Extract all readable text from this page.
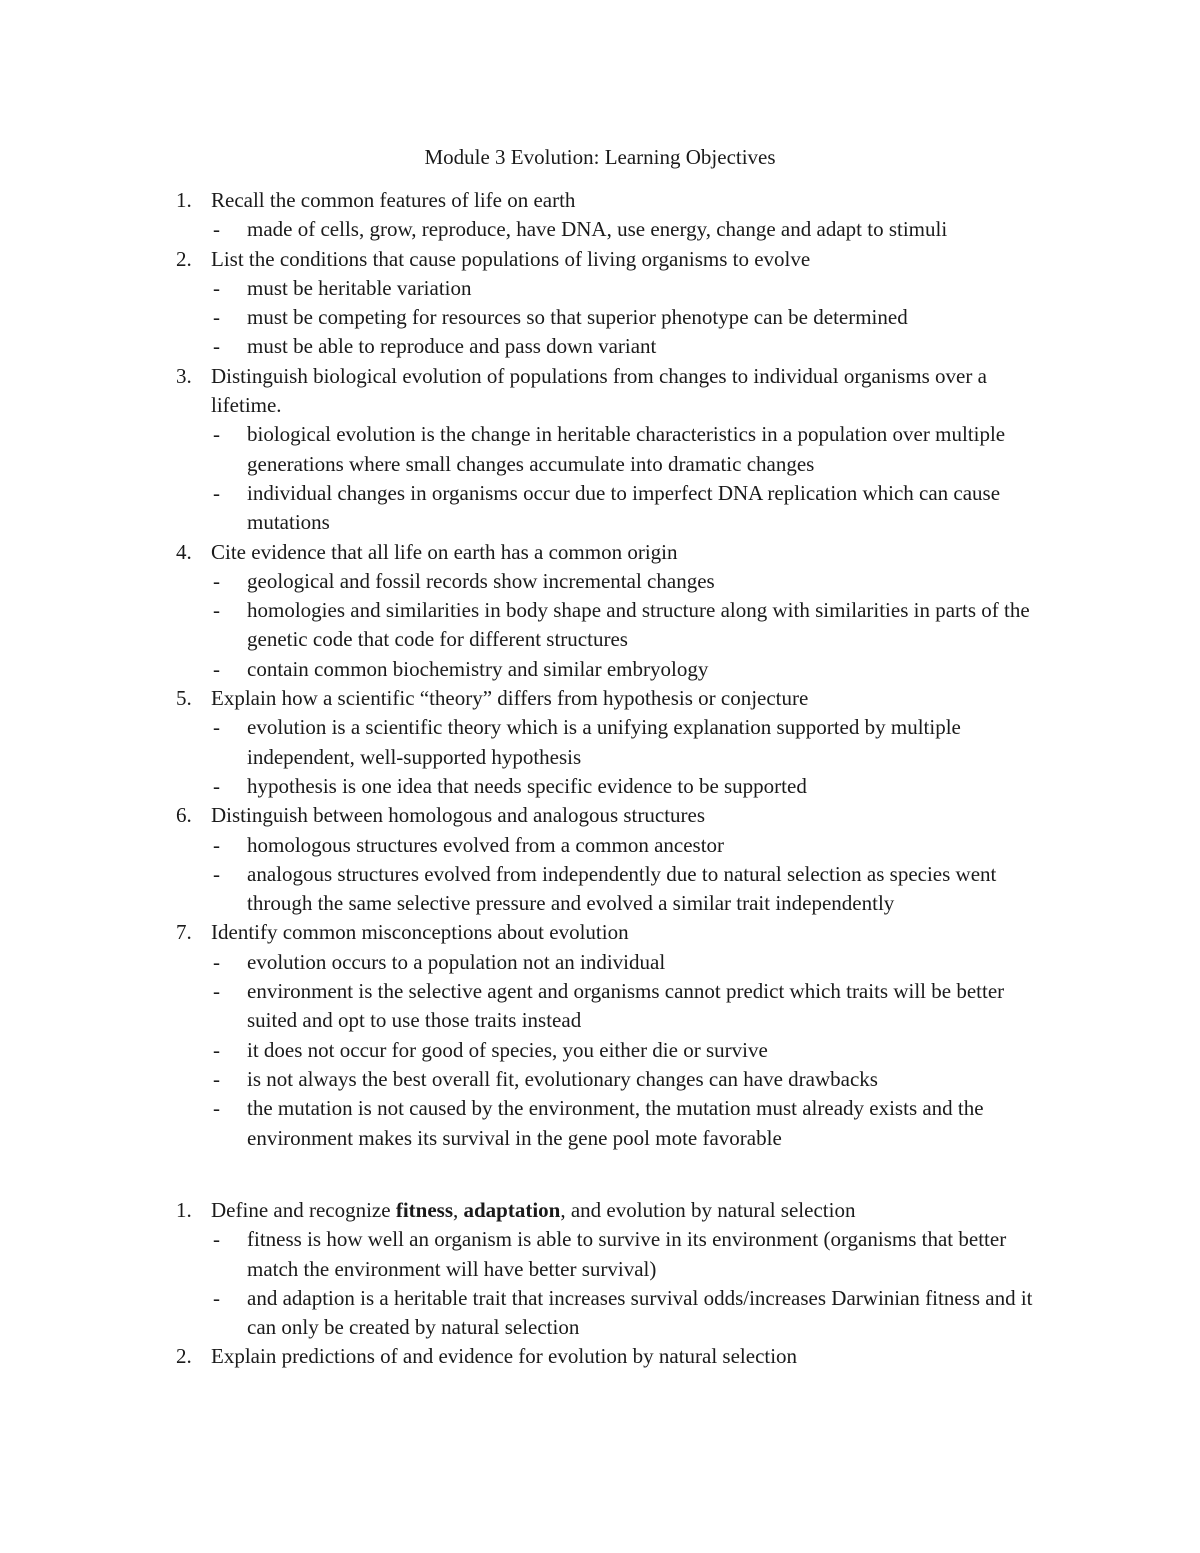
Module 3 Evolution: Learning Objectives
1. Recall the common features of life on earth
-	made of cells, grow, reproduce, have DNA, use energy, change and adapt to stimuli
2. List the conditions that cause populations of living organisms to evolve
-	must be heritable variation
-	must be competing for resources so that superior phenotype can be determined
-	must be able to reproduce and pass down variant
3. Distinguish biological evolution of populations from changes to individual organisms over a lifetime.
-	biological evolution is the change in heritable characteristics in a population over multiple generations where small changes accumulate into dramatic changes
-	individual changes in organisms occur due to imperfect DNA replication which can cause mutations
4. Cite evidence that all life on earth has a common origin
-	geological and fossil records show incremental changes
-	homologies and similarities in body shape and structure along with similarities in parts of the genetic code that code for different structures
-	contain common biochemistry and similar embryology
5. Explain how a scientific “theory” differs from hypothesis or conjecture
-	evolution is a scientific theory which is a unifying explanation supported by multiple independent, well-supported hypothesis
-	hypothesis is one idea that needs specific evidence to be supported
6. Distinguish between homologous and analogous structures
-	homologous structures evolved from a common ancestor
-	analogous structures evolved from independently due to natural selection as species went through the same selective pressure and evolved a similar trait independently
7. Identify common misconceptions about evolution
-	evolution occurs to a population not an individual
-	environment is the selective agent and organisms cannot predict which traits will be better suited and opt to use those traits instead
-	it does not occur for good of species, you either die or survive
-	is not always the best overall fit, evolutionary changes can have drawbacks
-	the mutation is not caused by the environment, the mutation must already exists and the environment makes its survival in the gene pool mote favorable
1. Define and recognize fitness, adaptation, and evolution by natural selection
-	fitness is how well an organism is able to survive in its environment (organisms that better match the environment will have better survival)
-	and adaption is a heritable trait that increases survival odds/increases Darwinian fitness and it can only be created by natural selection
2. Explain predictions of and evidence for evolution by natural selection
